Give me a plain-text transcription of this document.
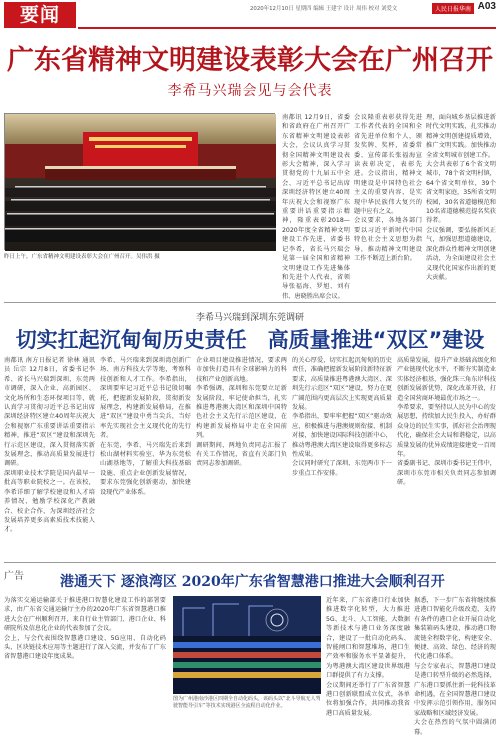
要闻	2020年12月10日 星期四 编辑 王建宇 设计 周伟 校对 刘爱文	人民日报华南 A03
广东省精神文明建设表彰大会在广州召开
李希马兴瑞会见与会代表
昨日上午，广东省精神文明建设表彰大会在广州召开。吴伟洪 摄

南都讯 12月9日，省委和省政府在广州召开广东省精神文明建设表彰大会，会议认真学习贯彻全国精神文明建设表彰大会精神，深入学习贯彻党的十九届五中全会、习近平总书记出席深圳经济特区建立40周年庆祝大会和视察广东重要讲话重要指示精神，隆重表彰2018—2020年度全省精神文明建设工作先进，省委书记李希，省长马兴瑞会见第一届全国和省精神文明建设工作先进集体和先进个人代表，省领导张福海、罗旭、刘有伟、唐晓胜出席会议。

会议隆重表彰获得先进工作者代表的全国和全省先进单位和个人，颁发奖牌、奖杯，省委常委、宣传部长张福海宣读表彰决定，表彰先进。会议指出，精神文明建设是中国特色社会主义的重要内容，是实现中华民族伟大复兴的题中应有之义。

会议要求，各地各部门要以习近平新时代中国特色社会主义思想为指导，推动精神文明建设工作不断迈上新台阶。

理，面向城乡基层推进新时代文明实践，扎实推动精神文明创建提质增效，推广文明实践。加快推动全省文明城市创建工作。

大会共表彰了6个省文明城市，78个省文明村镇，64个省文明单位，39个省文明家庭，35所省文明校园，30名省道德模范和10名省道德模范提名奖获得者。

会议强调，要弘扬新风正气，加强思想道德建设，深化群众性精神文明创建活动，为全面建设社会主义现代化国家作出新的更大贡献。

李希马兴瑞到深圳东莞调研
切实扛起沉甸甸历史责任　高质量推进“双区”建设

南都讯 南方日报记者 徐林 通讯员 岳宗 12月8日，省委书记李希、省长马兴瑞到深圳、东莞两市调研，深入企业、高新园区、文化场所和生态环保项目等，就认真学习贯彻习近平总书记出席深圳经济特区建立40周年庆祝大会和视察广东重要讲话重要指示精神，推进“双区”建设和深圳先行示范区建设，深入贯彻落实新发展理念，推动高质量发展进行调研。

深圳职业技术学院是国内最早一批高等职业院校之一。在该校，李希详细了解学校建设和人才培养情况，勉励学校深化产教融合、校企合作，为深圳经济社会发展培养更多高素质技术技能人才。

李希、马兴瑞来到深圳湾创新广场、南方科技大学等地，考察科技创新和人才工作。李希指出，深圳要牢记习近平总书记殷切嘱托，把握新发展阶段，贯彻新发展理念，构建新发展格局，在推进“双区”建设中勇当尖兵，当好率先实现社会主义现代化的先行者。

在东莞，李希、马兴瑞先后来到松山湖材料实验室、华为东莞松山湖基地等，了解重大科技基础设施、重点企业创新发展情况，要求东莞强化创新驱动，加快建设现代产业体系。

企业项目建设推进情况，要求两市加快打造具有全球影响力的科技和产业创新高地。

李希强调，深圳和东莞要立足新发展阶段，牢记使命担当，扎实推进粤港澳大湾区和深圳中国特色社会主义先行示范区建设，在构建新发展格局中走在全国前列。

调研期间，两地负责同志汇报了有关工作情况，省直有关部门负责同志参加调研。

的关心厚爱，切实扛起沉甸甸的历史责任，准确把握新发展阶段新特征新要求，高质量推进粤港澳大湾区、深圳先行示范区“双区”建设，努力在更广阔范围内更高层次上实现更高质量发展。

李希指出，要牢牢把握“双区”驱动效应，积极推进与港澳规则衔接、机制对接，加快建设国际科技创新中心，推动粤港澳大湾区建设取得更多标志性成果。

会议同时研究了深圳、东莞两市下一步重点工作安排。

高质量发展，提升产业基础高级化和产业链现代化水平，不断夯实制造业实体经济根基，强化珠三角东岸科技创新发展新优势，深化改革开放，打造全国营商环境最优市场之一。

李希要求，要坚持以人民为中心的发展思想，持续加大民生投入，办好群众身边的民生实事，抓好社会治理现代化，确保社会大局和谐稳定，以高质量发展的优异成绩迎接建党一百周年。

省委副书记、深圳市委书记王伟中，深圳市东莞市相关负责同志参加调研。

广告	港通天下 逐浪湾区 2020年广东省智慧港口推进大会顺利召开

为落实交通运输部关于推进港口智慧化建设工作的部署要求，由广东省交通运输厅主办的2020年广东省智慧港口推进大会在广州顺利召开，来自行业主管部门、港口企业、科研院所及信息化企业的代表参加了会议。

会上，与会代表围绕智慧港口建设、5G应用、自动化码头、区块链技术应用等主题进行了深入交流，并发布了广东省智慧港口建设年度成果。

图为广州港南沙港区四期全自动化码头，该码头以“北斗导航无人驾驶智能导引车”等技术实现港区全流程自动化作业。

近年来，广东省港口行业加快推进数字化转型，大力推进5G、北斗、人工智能、大数据等新技术与港口业务深度融合，建设了一批自动化码头、智能闸口和智慧堆场，港口生产效率和服务水平显著提升，为粤港澳大湾区建设世界级港口群提供了有力支撑。

会议期间还举行了广东省智慧港口创新联盟成立仪式，各单位将加强合作，共同推动我省港口高质量发展。

据悉，下一步广东省将继续推进港口智能化升级改造，支持有条件的港口企业开展自动化集装箱码头建设，推动港口物流链全程数字化，构建安全、便捷、高效、绿色、经济的现代化港口体系。

与会专家表示，智慧港口建设是港口转型升级的必然选择，广东港口要抓住新一轮科技革命机遇，在全国智慧港口建设中发挥示范引领作用，服务国家战略和区域经济发展。

大会在热烈的气氛中圆满闭幕。
